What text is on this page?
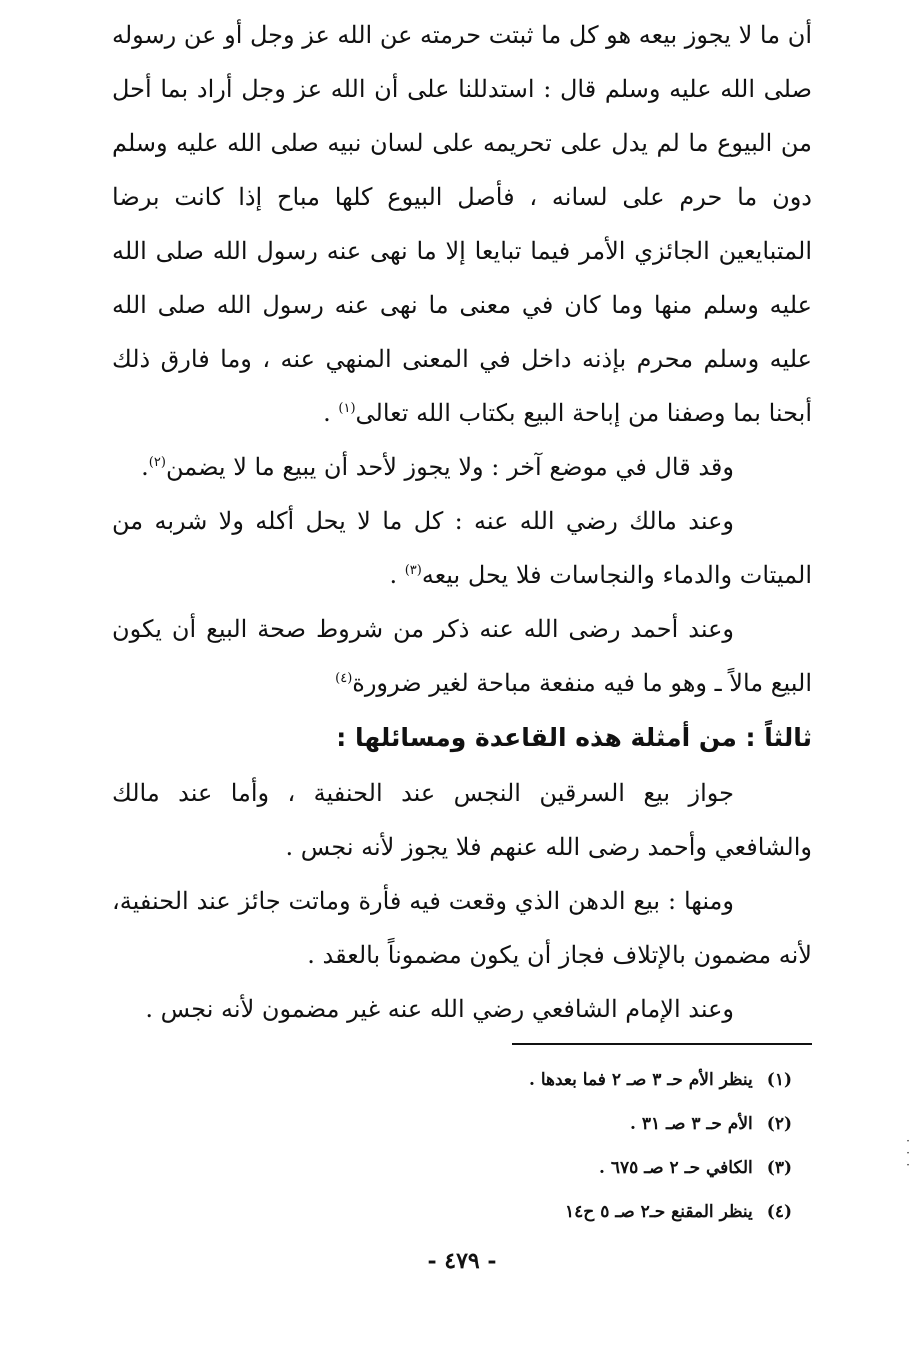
أن ما لا يجوز بيعه هو كل ما ثبتت حرمته عن الله عز وجل أو عن رسوله صلى الله عليه وسلم قال : استدللنا على أن الله عز وجل أراد بما أحل من البيوع ما لم يدل على تحريمه على لسان نبيه صلى الله عليه وسلم دون ما حرم على لسانه ، فأصل البيوع كلها مباح إذا كانت برضا المتبايعين الجائزي الأمر فيما تبايعا إلا ما نهى عنه رسول الله صلى الله عليه وسلم منها وما كان في معنى ما نهى عنه رسول الله صلى الله عليه وسلم محرم بإذنه داخل في المعنى المنهي عنه ، وما فارق ذلك أبحنا بما وصفنا من إباحة البيع بكتاب الله تعالى$^{(١)}$ .

وقد قال في موضع آخر : ولا يجوز لأحد أن يبيع ما لا يضمن$^{(٢)}$.

وعند مالك رضي الله عنه : كل ما لا يحل أكله ولا شربه من الميتات والدماء والنجاسات فلا يحل بيعه$^{(٣)}$ .

وعند أحمد رضى الله عنه ذكر من شروط صحة البيع أن يكون البيع مالاً ـ وهو ما فيه منفعة مباحة لغير ضرورة$^{(٤)}$

ثالثاً : من أمثلة هذه القاعدة ومسائلها :

جواز بيع السرقين النجس عند الحنفية ، وأما عند مالك والشافعي وأحمد رضى الله عنهم فلا يجوز لأنه نجس .

ومنها : بيع الدهن الذي وقعت فيه فأرة وماتت جائز عند الحنفية، لأنه مضمون بالإتلاف فجاز أن يكون مضموناً بالعقد .

وعند الإمام الشافعي رضي الله عنه غير مضمون لأنه نجس .

(١)ينظر الأم حـ ٣ صـ ٢ فما بعدها .
(٢)الأم حـ ٣ صـ ٣١ .
(٣)الكافي حـ ٢ صـ ٦٧٥ .
(٤)ينظر المقنع حـ٢ صـ ٥ ح١٤
- ٤٧٩ -
·
·
·
